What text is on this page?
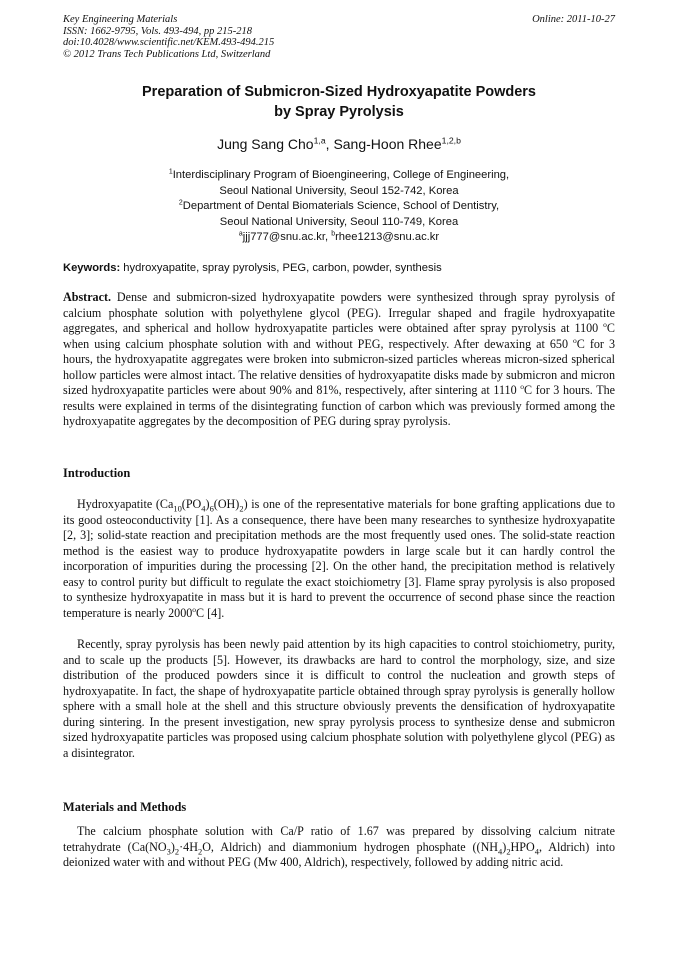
Key Engineering Materials
ISSN: 1662-9795, Vols. 493-494, pp 215-218
doi:10.4028/www.scientific.net/KEM.493-494.215
© 2012 Trans Tech Publications Ltd, Switzerland
Online: 2011-10-27
Preparation of Submicron-Sized Hydroxyapatite Powders
by Spray Pyrolysis
Jung Sang Cho$^{1,a}$, Sang-Hoon Rhee$^{1,2,b}$
$^1$Interdisciplinary Program of Bioengineering, College of Engineering,
Seoul National University, Seoul 152-742, Korea
$^2$Department of Dental Biomaterials Science, School of Dentistry,
Seoul National University, Seoul 110-749, Korea
$^a$jjj777@snu.ac.kr, $^b$rhee1213@snu.ac.kr
Keywords: hydroxyapatite, spray pyrolysis, PEG, carbon, powder, synthesis
Abstract. Dense and submicron-sized hydroxyapatite powders were synthesized through spray pyrolysis of calcium phosphate solution with polyethylene glycol (PEG). Irregular shaped and fragile hydroxyapatite aggregates, and spherical and hollow hydroxyapatite particles were obtained after spray pyrolysis at 1100 $^o$C when using calcium phosphate solution with and without PEG, respectively. After dewaxing at 650 $^o$C for 3 hours, the hydroxyapatite aggregates were broken into submicron-sized particles whereas micron-sized spherical hollow particles were almost intact. The relative densities of hydroxyapatite disks made by submicron and micron sized hydroxyapatite particles were about 90% and 81%, respectively, after sintering at 1110 $^o$C for 3 hours. The results were explained in terms of the disintegrating function of carbon which was previously formed among the hydroxyapatite aggregates by the decomposition of PEG during spray pyrolysis.
Introduction
Hydroxyapatite $(Ca_{10}(PO_4)_6(OH)_2)$ is one of the representative materials for bone grafting applications due to its good osteoconductivity [1]. As a consequence, there have been many researches to synthesize hydroxyapatite [2, 3]; solid-state reaction and precipitation methods are the most frequently used ones. The solid-state reaction method is the easiest way to produce hydroxyapatite powders in large scale but it can hardly control the incorporation of impurities during the processing [2]. On the other hand, the precipitation method is relatively easy to control purity but difficult to regulate the exact stoichiometry [3]. Flame spray pyrolysis is also proposed to synthesize hydroxyapatite in mass but it is hard to prevent the occurrence of second phase since the reaction temperature is nearly 2000$^o$C [4].
Recently, spray pyrolysis has been newly paid attention by its high capacities to control stoichiometry, purity, and to scale up the products [5]. However, its drawbacks are hard to control the morphology, size, and size distribution of the produced powders since it is difficult to control the nucleation and growth steps of hydroxyapatite. In fact, the shape of hydroxyapatite particle obtained through spray pyrolysis is generally hollow sphere with a small hole at the shell and this structure obviously prevents the densification of hydroxyapatite during sintering. In the present investigation, new spray pyrolysis process to synthesize dense and submicron sized hydroxyapatite particles was proposed using calcium phosphate solution with polyethylene glycol (PEG) as a disintegrator.
Materials and Methods
The calcium phosphate solution with Ca/P ratio of 1.67 was prepared by dissolving calcium nitrate tetrahydrate ($Ca(NO_3)_2\cdot 4H_2O$, Aldrich) and diammonium hydrogen phosphate ($(NH_4)_2HPO_4$, Aldrich) into deionized water with and without PEG (Mw 400, Aldrich), respectively, followed by adding nitric acid.
